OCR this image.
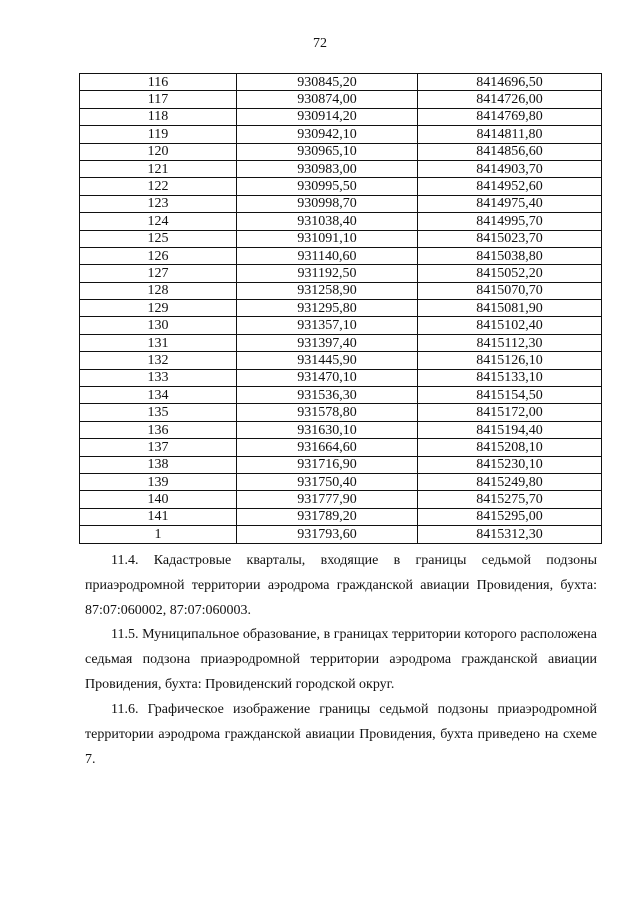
72
116	930845,20	8414696,50
117	930874,00	8414726,00
118	930914,20	8414769,80
119	930942,10	8414811,80
120	930965,10	8414856,60
121	930983,00	8414903,70
122	930995,50	8414952,60
123	930998,70	8414975,40
124	931038,40	8414995,70
125	931091,10	8415023,70
126	931140,60	8415038,80
127	931192,50	8415052,20
128	931258,90	8415070,70
129	931295,80	8415081,90
130	931357,10	8415102,40
131	931397,40	8415112,30
132	931445,90	8415126,10
133	931470,10	8415133,10
134	931536,30	8415154,50
135	931578,80	8415172,00
136	931630,10	8415194,40
137	931664,60	8415208,10
138	931716,90	8415230,10
139	931750,40	8415249,80
140	931777,90	8415275,70
141	931789,20	8415295,00
1	931793,60	8415312,30
11.4. Кадастровые кварталы, входящие в границы седьмой подзоны приаэродромной территории аэродрома гражданской авиации Провидения, бухта: 87:07:060002, 87:07:060003.
11.5. Муниципальное образование, в границах территории которого расположена седьмая подзона приаэродромной территории аэродрома гражданской авиации Провидения, бухта: Провиденский городской округ.
11.6. Графическое изображение границы седьмой подзоны приаэродромной территории аэродрома гражданской авиации Провидения, бухта приведено на схеме 7.
